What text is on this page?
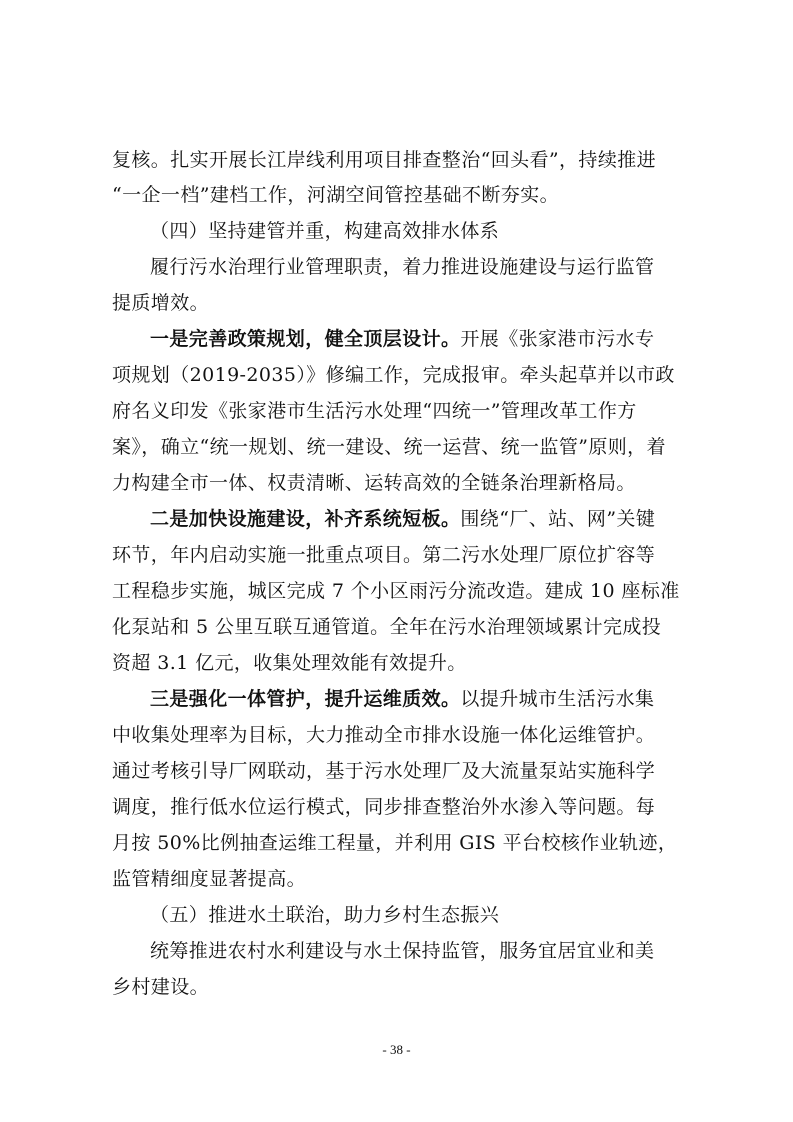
复核。扎实开展长江岸线利用项目排查整治“回头看”，持续推进
“一企一档”建档工作，河湖空间管控基础不断夯实。
（四）坚持建管并重，构建高效排水体系
履行污水治理行业管理职责，着力推进设施建设与运行监管
提质增效。
一是完善政策规划，健全顶层设计。开展《张家港市污水专
项规划（2019-2035）》修编工作，完成报审。牵头起草并以市政
府名义印发《张家港市生活污水处理“四统一”管理改革工作方
案》，确立“统一规划、统一建设、统一运营、统一监管”原则，着
力构建全市一体、权责清晰、运转高效的全链条治理新格局。
二是加快设施建设，补齐系统短板。围绕“厂、站、网”关键
环节，年内启动实施一批重点项目。第二污水处理厂原位扩容等
工程稳步实施，城区完成 7 个小区雨污分流改造。建成 10 座标准
化泵站和 5 公里互联互通管道。全年在污水治理领域累计完成投
资超 3.1 亿元，收集处理效能有效提升。
三是强化一体管护，提升运维质效。以提升城市生活污水集
中收集处理率为目标，大力推动全市排水设施一体化运维管护。
通过考核引导厂网联动，基于污水处理厂及大流量泵站实施科学
调度，推行低水位运行模式，同步排查整治外水渗入等问题。每
月按 50%比例抽查运维工程量，并利用 GIS 平台校核作业轨迹，
监管精细度显著提高。
（五）推进水土联治，助力乡村生态振兴
统筹推进农村水利建设与水土保持监管，服务宜居宜业和美
乡村建设。
- 38 -
